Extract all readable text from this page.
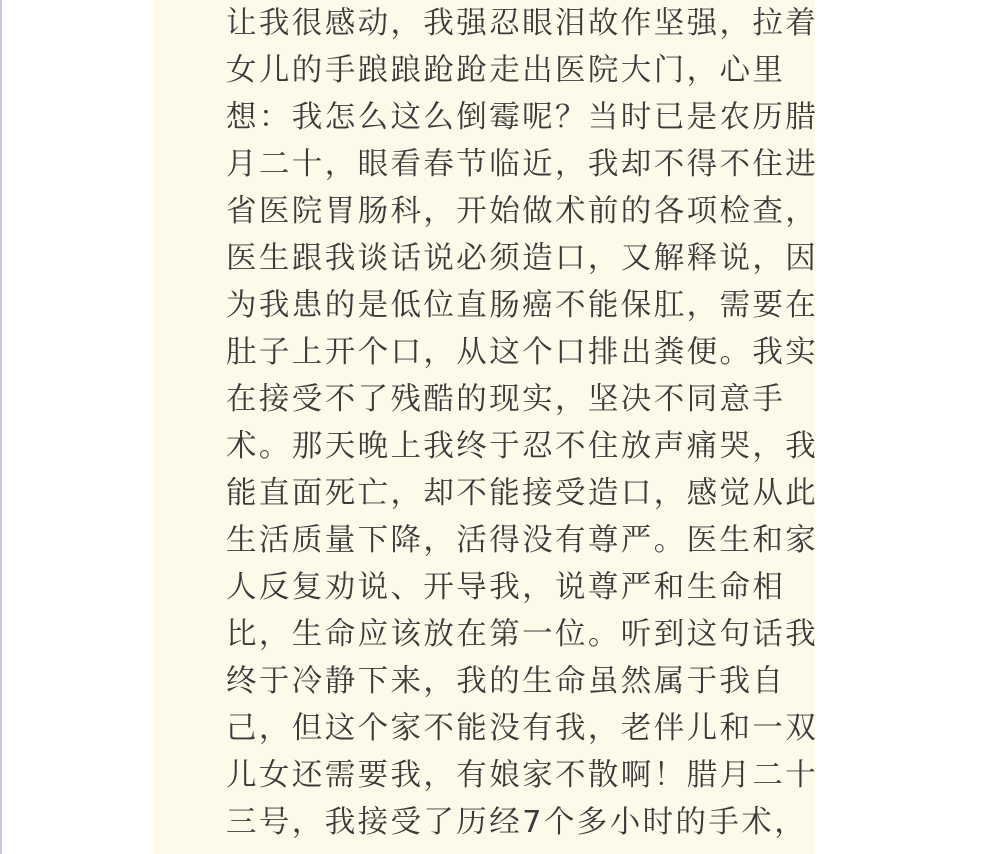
让我很感动，我强忍眼泪故作坚强，拉着
女儿的手踉踉跄跄走出医院大门，心里
想：我怎么这么倒霉呢？当时已是农历腊
月二十，眼看春节临近，我却不得不住进
省医院胃肠科，开始做术前的各项检查，
医生跟我谈话说必须造口，又解释说，因
为我患的是低位直肠癌不能保肛，需要在
肚子上开个口，从这个口排出粪便。我实
在接受不了残酷的现实，坚决不同意手
术。那天晚上我终于忍不住放声痛哭，我
能直面死亡，却不能接受造口，感觉从此
生活质量下降，活得没有尊严。医生和家
人反复劝说、开导我，说尊严和生命相
比，生命应该放在第一位。听到这句话我
终于冷静下来，我的生命虽然属于我自
己，但这个家不能没有我，老伴儿和一双
儿女还需要我，有娘家不散啊！腊月二十
三号，我接受了历经7个多小时的手术，
